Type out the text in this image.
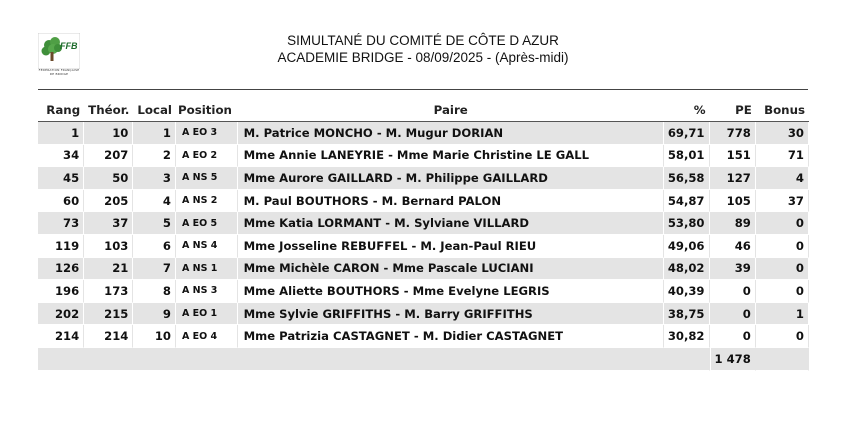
FFB
FÉDÉRATION FRANÇAISE DE BRIDGE
SIMULTANÉ DU COMITÉ DE CÔTE D AZUR
ACADEMIE BRIDGE - 08/09/2025 - (Après-midi)
Rang	Théor.	Local	Position	Paire	%	PE	Bonus
1	10	1	A EO 3	M. Patrice MONCHO - M. Mugur DORIAN	69,71	778	30
34	207	2	A EO 2	Mme Annie LANEYRIE - Mme Marie Christine LE GALL	58,01	151	71
45	50	3	A NS 5	Mme Aurore GAILLARD - M. Philippe GAILLARD	56,58	127	4
60	205	4	A NS 2	M. Paul BOUTHORS - M. Bernard PALON	54,87	105	37
73	37	5	A EO 5	Mme Katia LORMANT - M. Sylviane VILLARD	53,80	89	0
119	103	6	A NS 4	Mme Josseline REBUFFEL - M. Jean-Paul RIEU	49,06	46	0
126	21	7	A NS 1	Mme Michèle CARON - Mme Pascale LUCIANI	48,02	39	0
196	173	8	A NS 3	Mme Aliette BOUTHORS - Mme Evelyne LEGRIS	40,39	0	0
202	215	9	A EO 1	Mme Sylvie GRIFFITHS - M. Barry GRIFFITHS	38,75	0	1
214	214	10	A EO 4	Mme Patrizia CASTAGNET - M. Didier CASTAGNET	30,82	0	0
						1 478	
